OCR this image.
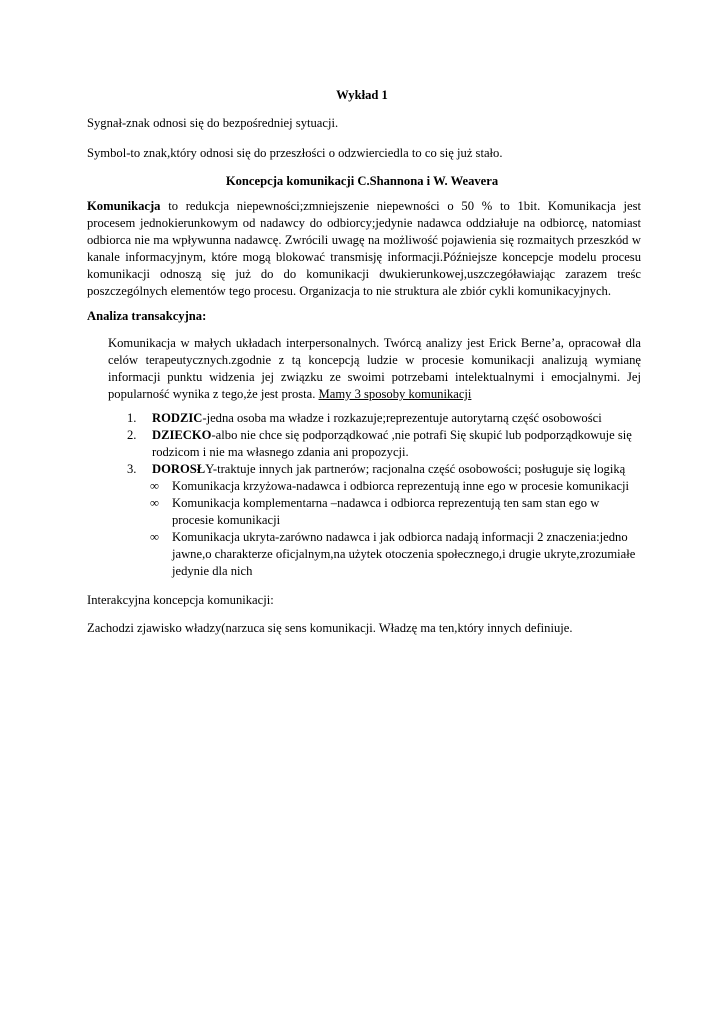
Wykład 1

Sygnał-znak odnosi się do bezpośredniej sytuacji.

Symbol-to znak,który odnosi się do przeszłości o odzwierciedla to co się już stało.

Koncepcja komunikacji C.Shannona i W. Weavera

Komunikacja to redukcja niepewności;zmniejszenie niepewności o 50 % to 1bit. Komunikacja jest procesem jednokierunkowym od nadawcy do odbiorcy;jedynie nadawca oddziałuje na odbiorcę, natomiast odbiorca nie ma wpływunna nadawcę. Zwrócili uwagę na możliwość pojawienia się rozmaitych przeszkód w kanale informacyjnym, które mogą blokować transmisję informacji.Późniejsze koncepcje modelu procesu komunikacji odnoszą się już do do komunikacji dwukierunkowej,uszczegóławiając zarazem treśc poszczególnych elementów tego procesu. Organizacja to nie struktura ale zbiór cykli komunikacyjnych.

Analiza transakcyjna:

Komunikacja w małych układach interpersonalnych. Twórcą analizy jest Erick Berne’a, opracował dla celów terapeutycznych.zgodnie z tą koncepcją ludzie w procesie komunikacji analizują wymianę informacji punktu widzenia jej związku ze swoimi potrzebami intelektualnymi i emocjalnymi. Jej popularność wynika z tego,że jest prosta. Mamy 3 sposoby komunikacji

1. RODZIC-jedna osoba ma władze i rozkazuje;reprezentuje autorytarną część osobowości
2. DZIECKO-albo nie chce się podporządkować ,nie potrafi Się skupić lub podporządkowuje się rodzicom i nie ma własnego zdania ani propozycji.
3. DOROSŁY-traktuje innych jak partnerów; racjonalna część osobowości; posługuje się logiką
∞ Komunikacja krzyżowa-nadawca i odbiorca reprezentują inne ego w procesie komunikacji
∞ Komunikacja komplementarna –nadawca i odbiorca reprezentują ten sam stan ego w procesie komunikacji
∞ Komunikacja ukryta-zarówno nadawca i jak odbiorca nadają informacji 2 znaczenia:jedno jawne,o charakterze oficjalnym,na użytek otoczenia społecznego,i drugie ukryte,zrozumiałe jedynie dla nich

Interakcyjna koncepcja komunikacji:

Zachodzi zjawisko władzy(narzuca się sens komunikacji. Władzę ma ten,który innych definiuje.
